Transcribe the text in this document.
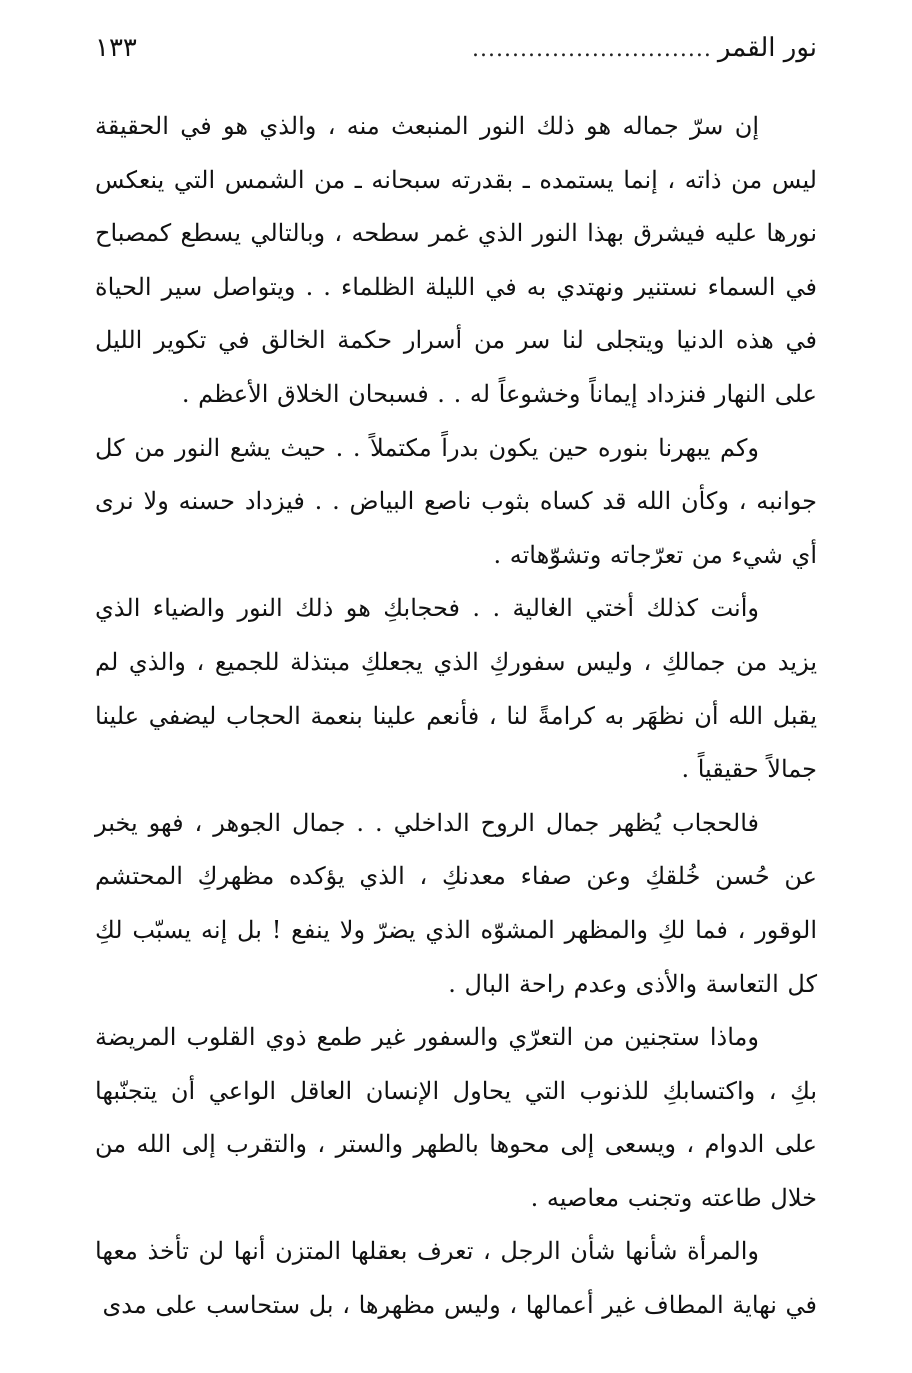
نور القمر
..............................
١٣٣

إن سرّ جماله هو ذلك النور المنبعث منه ، والذي هو في الحقيقة ليس من ذاته ، إنما يستمده ـ بقدرته سبحانه ـ من الشمس التي ينعكس نورها عليه فيشرق بهذا النور الذي غمر سطحه ، وبالتالي يسطع كمصباح في السماء نستنير ونهتدي به في الليلة الظلماء . . ويتواصل سير الحياة في هذه الدنيا ويتجلى لنا سر من أسرار حكمة الخالق في تكوير الليل على النهار فنزداد إيماناً وخشوعاً له . . فسبحان الخلاق الأعظم .

وكم يبهرنا بنوره حين يكون بدراً مكتملاً . . حيث يشع النور من كل جوانبه ، وكأن الله قد كساه بثوب ناصع البياض . . فيزداد حسنه ولا نرى أي شيء من تعرّجاته وتشوّهاته .

وأنت كذلك أختي الغالية . . فحجابكِ هو ذلك النور والضياء الذي يزيد من جمالكِ ، وليس سفوركِ الذي يجعلكِ مبتذلة للجميع ، والذي لم يقبل الله أن نظهَر به كرامةً لنا ، فأنعم علينا بنعمة الحجاب ليضفي علينا جمالاً حقيقياً .

فالحجاب يُظهر جمال الروح الداخلي . . جمال الجوهر ، فهو يخبر عن حُسن خُلقكِ وعن صفاء معدنكِ ، الذي يؤكده مظهركِ المحتشم الوقور ، فما لكِ والمظهر المشوّه الذي يضرّ ولا ينفع ! بل إنه يسبّب لكِ كل التعاسة والأذى وعدم راحة البال .

وماذا ستجنين من التعرّي والسفور غير طمع ذوي القلوب المريضة بكِ ، واكتسابكِ للذنوب التي يحاول الإنسان العاقل الواعي أن يتجنّبها على الدوام ، ويسعى إلى محوها بالطهر والستر ، والتقرب إلى الله من خلال طاعته وتجنب معاصيه .

والمرأة شأنها شأن الرجل ، تعرف بعقلها المتزن أنها لن تأخذ معها في نهاية المطاف غير أعمالها ، وليس مظهرها ، بل ستحاسب على مدى
